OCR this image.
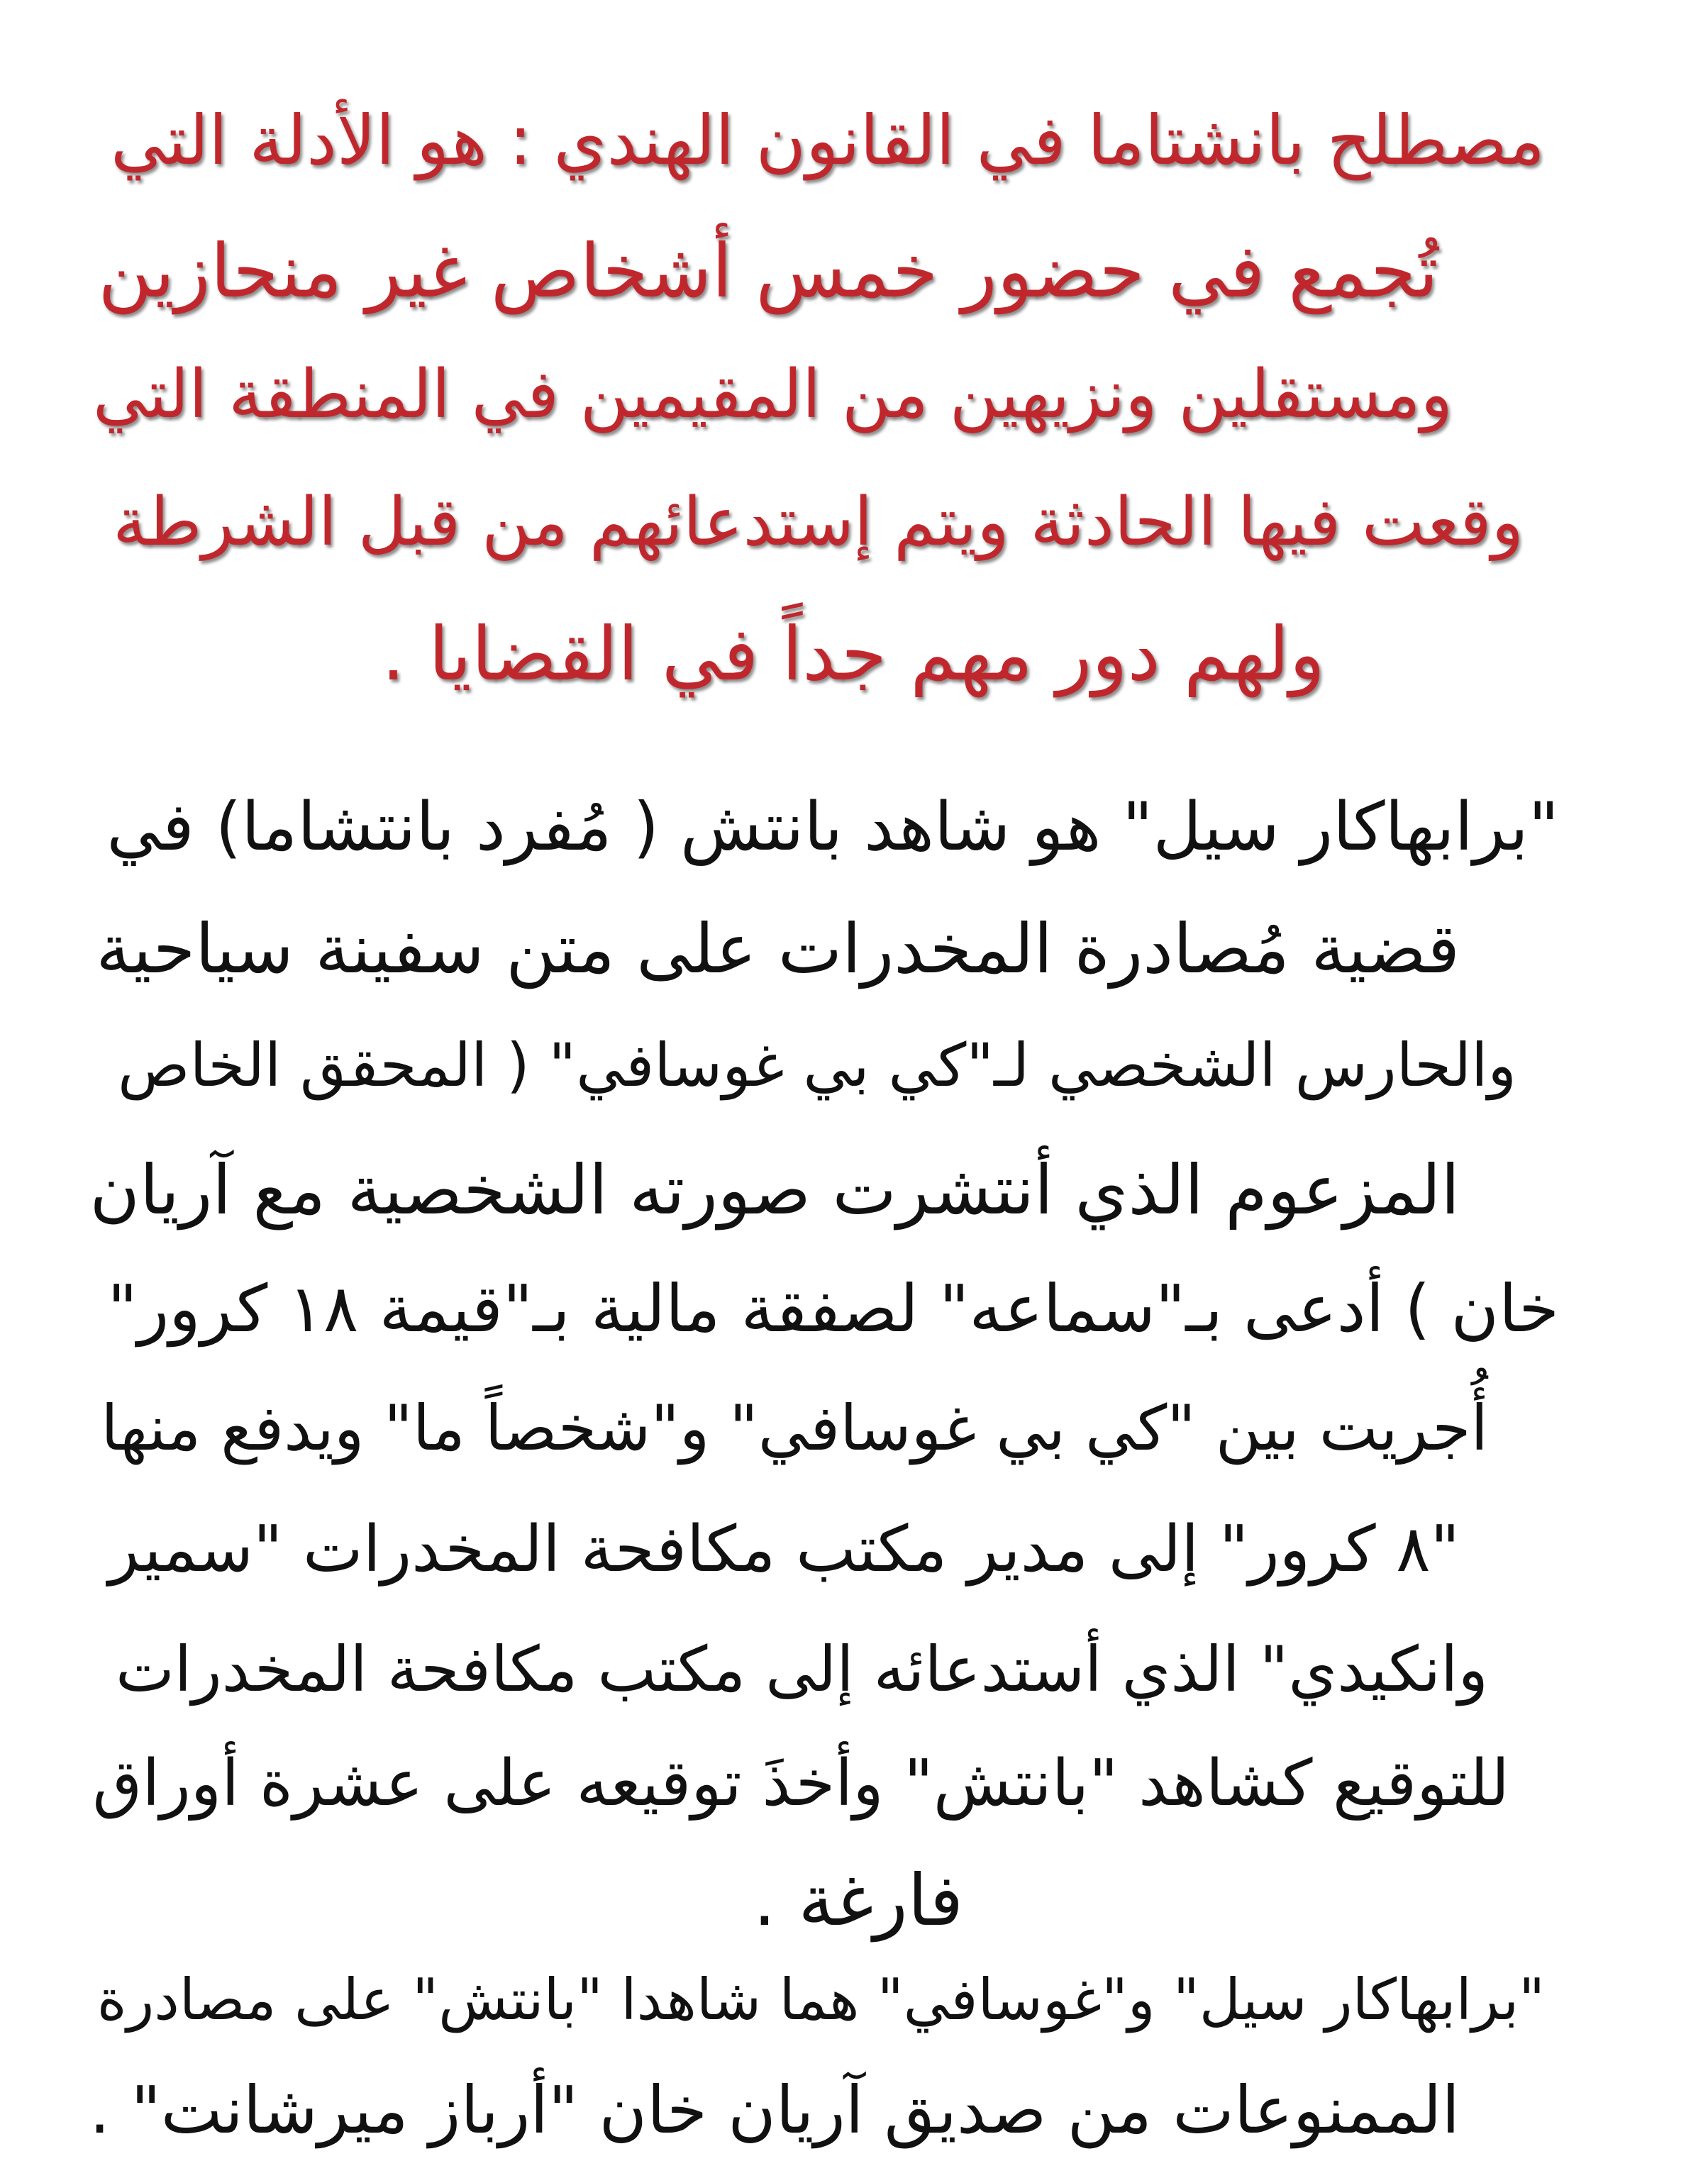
مصطلح بانشتاما في القانون الهندي : هو الأدلة التي
تُجمع في حضور خمس أشخاص غير منحازين
ومستقلين ونزيهين من المقيمين في المنطقة التي
وقعت فيها الحادثة ويتم إستدعائهم من قبل الشرطة
ولهم دور مهم جداً في القضايا .
"برابهاكار سيل" هو شاهد بانتش ( مُفرد بانتشاما) في
قضية مُصادرة المخدرات على متن سفينة سياحية
والحارس الشخصي لـ"كي بي غوسافي" ( المحقق الخاص
المزعوم الذي أنتشرت صورته الشخصية مع آريان
خان ) أدعى بـ"سماعه" لصفقة مالية بـ"قيمة ١٨ كرور"
أُجريت بين "كي بي غوسافي" و"شخصاً ما" ويدفع منها
"٨ كرور" إلى مدير مكتب مكافحة المخدرات "سمير
وانكيدي" الذي أستدعائه إلى مكتب مكافحة المخدرات
للتوقيع كشاهد "بانتش" وأخذَ توقيعه على عشرة أوراق
فارغة .
"برابهاكار سيل" و"غوسافي" هما شاهدا "بانتش" على مصادرة
الممنوعات من صديق آريان خان "أرباز ميرشانت" .
